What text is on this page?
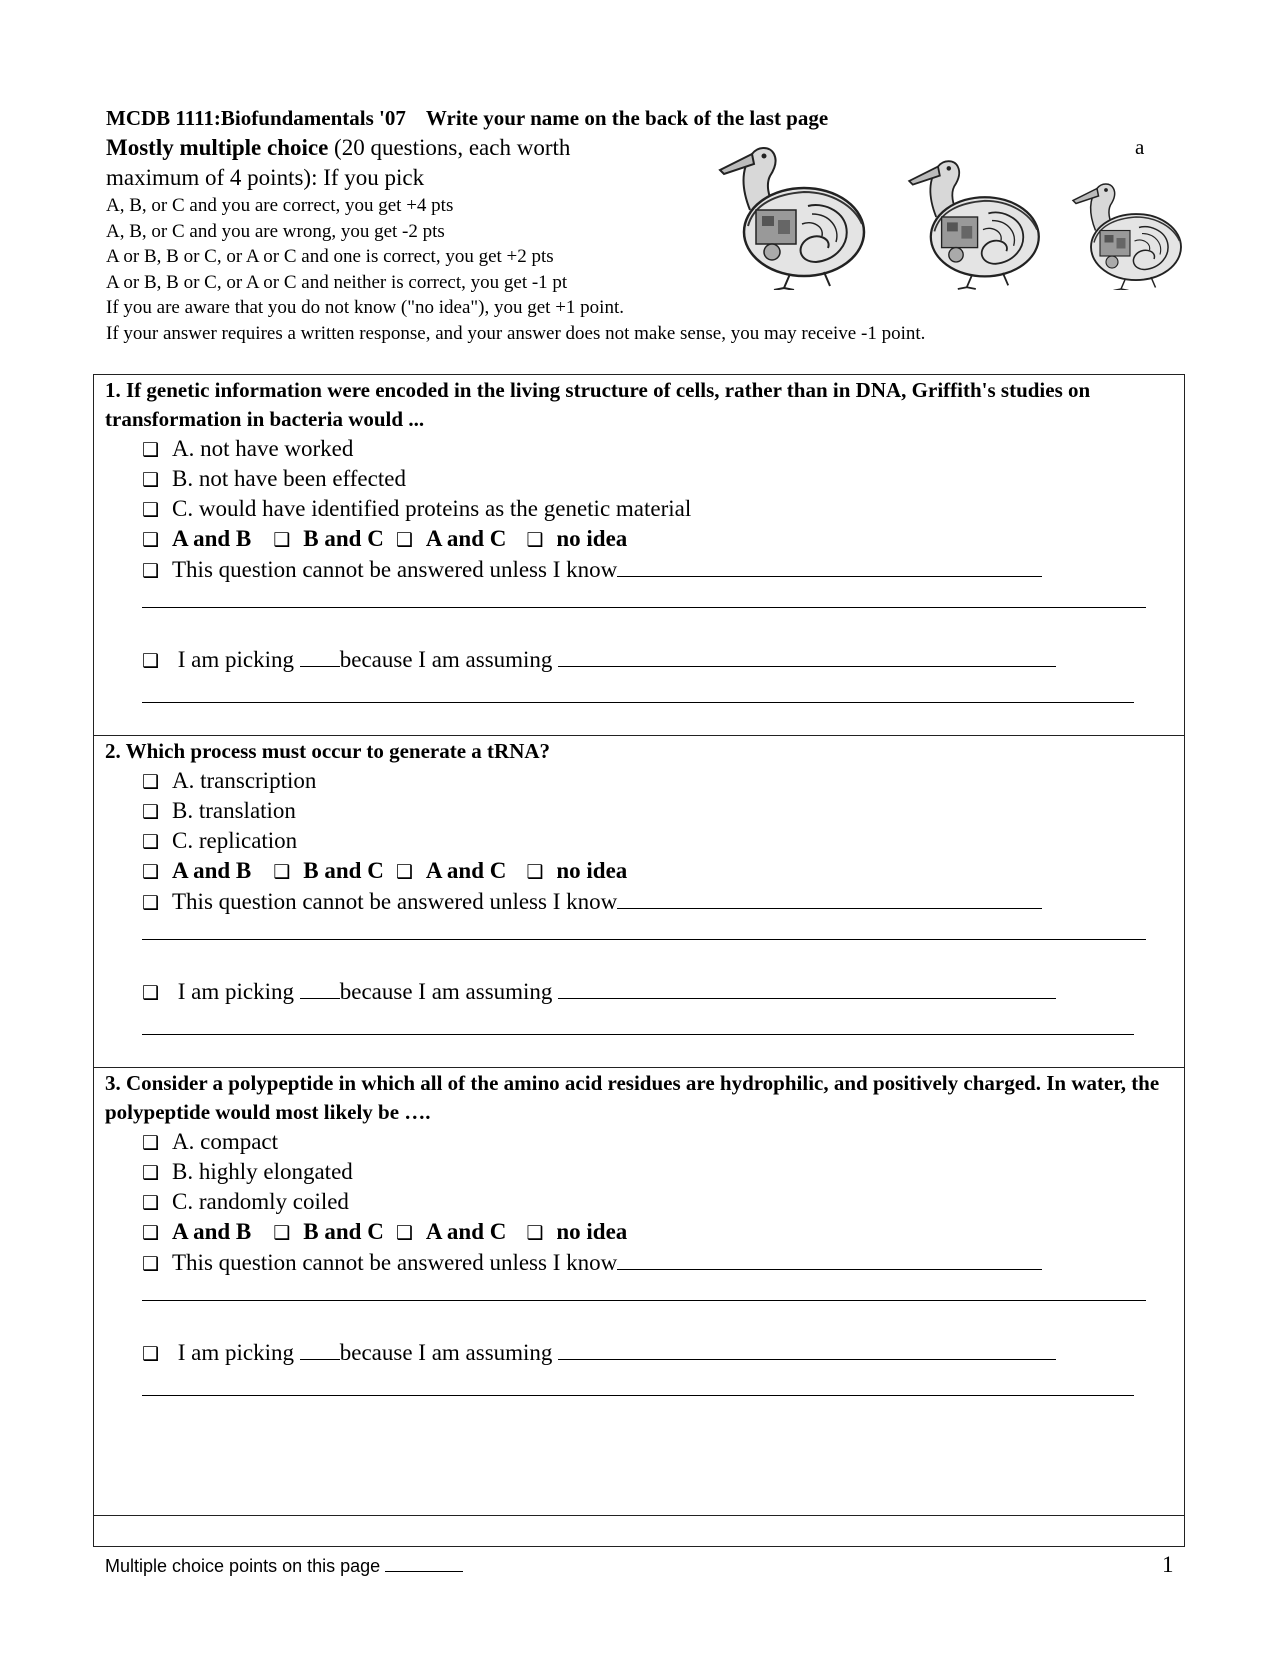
MCDB 1111:Biofundamentals '07 Write your name on the back of the last page
Mostly multiple choice (20 questions, each worth
maximum of 4 points): If you pick
A, B, or C and you are correct, you get +4 pts
A, B, or C and you are wrong, you get -2 pts
A or B, B or C, or A or C and one is correct, you get +2 pts
A or B, B or C, or A or C and neither is correct, you get -1 pt
If you are aware that you do not know ("no idea"), you get +1 point.
If your answer requires a written response, and your answer does not make sense, you may receive -1 point.
a
1. If genetic information were encoded in the living structure of cells, rather than in DNA, Griffith's studies on transformation in bacteria would ...
❑ A. not have worked
❑ B. not have been effected
❑ C. would have identified proteins as the genetic material
❑ A and B ❑ B and C ❑ A and C ❑ no idea
❑ This question cannot be answered unless I know
❑ I am picking because I am assuming
2. Which process must occur to generate a tRNA?
❑ A. transcription
❑ B. translation
❑ C. replication
❑ A and B ❑ B and C ❑ A and C ❑ no idea
❑ This question cannot be answered unless I know
❑ I am picking because I am assuming
3. Consider a polypeptide in which all of the amino acid residues are hydrophilic, and positively charged. In water, the polypeptide would most likely be ….
❑ A. compact
❑ B. highly elongated
❑ C. randomly coiled
❑ A and B ❑ B and C ❑ A and C ❑ no idea
❑ This question cannot be answered unless I know
❑ I am picking because I am assuming
Multiple choice points on this page	1
